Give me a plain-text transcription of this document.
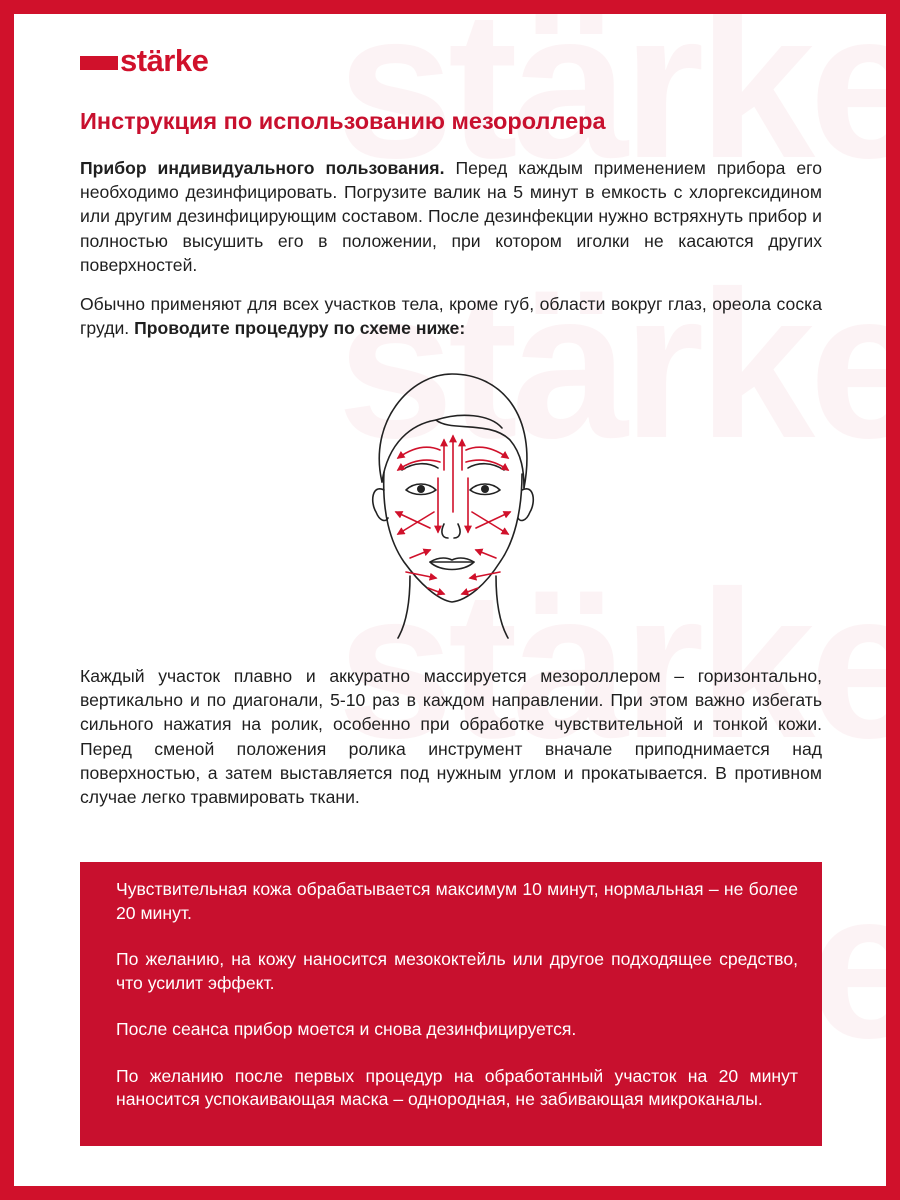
stärke
Инструкция по использованию мезороллера

Прибор индивидуального пользования. Перед каждым применением прибора его необходимо дезинфицировать. Погрузите валик на 5 минут в емкость с хлоргексидином или другим дезинфицирующим составом. После дезинфекции нужно встряхнуть прибор и полностью высушить его в положении, при котором иголки не касаются других поверхностей.

Обычно применяют для всех участков тела, кроме губ, области вокруг глаз, ореола соска груди. Проводите процедуру по схеме ниже:

Каждый участок плавно и аккуратно массируется мезороллером – горизонтально, вертикально и по диагонали, 5-10 раз в каждом направлении. При этом важно избегать сильного нажатия на ролик, особенно при обработке чувствительной и тонкой кожи. Перед сменой положения ролика инструмент вначале приподнимается над поверхностью, а затем выставляется под нужным углом и прокатывается. В противном случае легко травмировать ткани.

Чувствительная кожа обрабатывается максимум 10 минут, нормальная – не более 20 минут.

По желанию, на кожу наносится мезококтейль или другое подходящее средство, что усилит эффект.

После сеанса прибор моется и снова дезинфицируется.

По желанию после первых процедур на обработанный участок на 20 минут наносится успокаивающая маска – однородная, не забивающая микроканалы.
